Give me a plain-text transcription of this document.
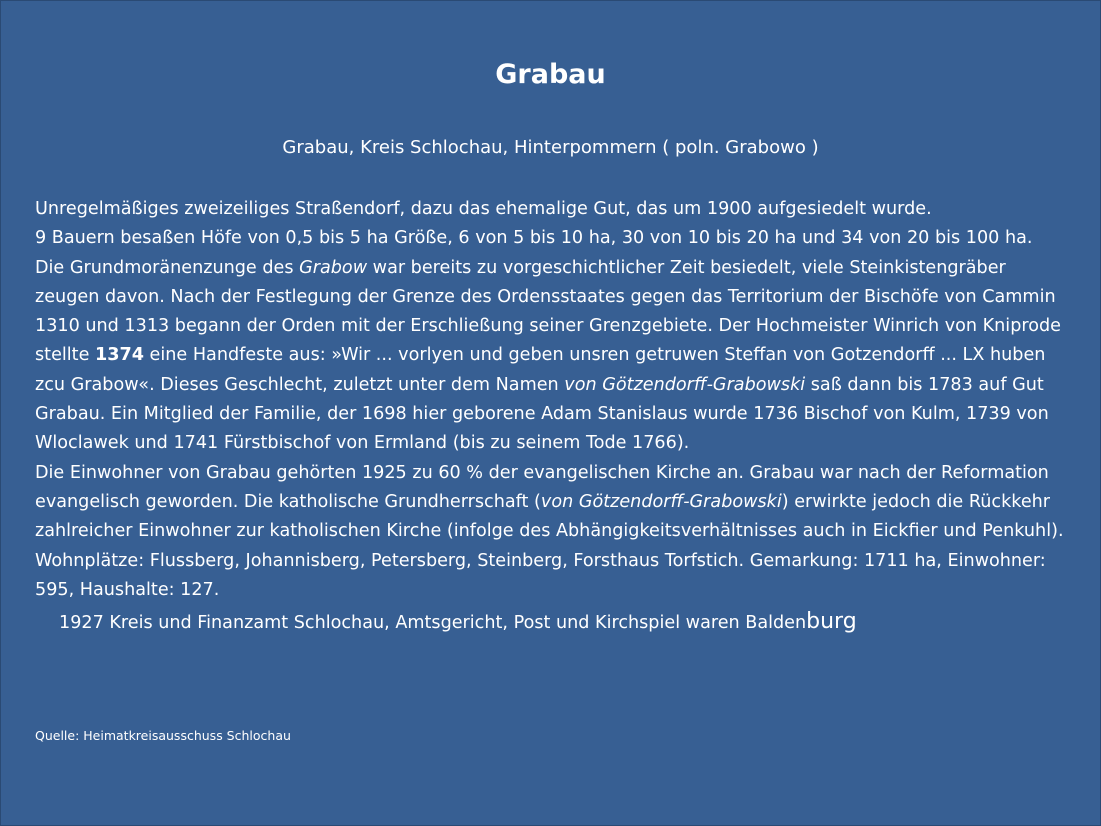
Grabau
Grabau, Kreis Schlochau, Hinterpommern ( poln. Grabowo )

Unregelmäßiges zweizeiliges Straßendorf, dazu das ehemalige Gut, das um 1900 aufgesiedelt wurde.

9 Bauern besaßen Höfe von 0,5 bis 5 ha Größe, 6 von 5 bis 10 ha, 30 von 10 bis 20 ha und 34 von 20 bis 100 ha.

Die Grundmoränenzunge des Grabow war bereits zu vorgeschichtlicher Zeit besiedelt, viele Steinkistengräber zeugen davon. Nach der Festlegung der Grenze des Ordensstaates gegen das Territorium der Bischöfe von Cammin 1310 und 1313 begann der Orden mit der Erschließung seiner Grenzgebiete. Der Hochmeister Winrich von Kniprode stellte 1374 eine Handfeste aus: »Wir ... vorlyen und geben unsren getruwen Steffan von Gotzendorff ... LX huben zcu Grabow«. Dieses Geschlecht, zuletzt unter dem Namen von Götzendorff-Grabowski saß dann bis 1783 auf Gut Grabau. Ein Mitglied der Familie, der 1698 hier geborene Adam Stanislaus wurde 1736 Bischof von Kulm, 1739 von Wloclawek und 1741 Fürstbischof von Ermland (bis zu seinem Tode 1766).

Die Einwohner von Grabau gehörten 1925 zu 60 % der evangelischen Kirche an. Grabau war nach der Reformation evangelisch geworden. Die katholische Grundherrschaft (von Götzendorff-Grabowski) erwirkte jedoch die Rückkehr zahlreicher Einwohner zur katholischen Kirche (infolge des Abhängigkeitsverhältnisses auch in Eickfier und Penkuhl). Wohnplätze: Flussberg, Johannisberg, Petersberg, Steinberg, Forsthaus Torfstich. Gemarkung: 1711 ha, Einwohner: 595, Haushalte: 127.

1927 Kreis und Finanzamt Schlochau, Amtsgericht, Post und Kirchspiel waren Baldenburg

Quelle: Heimatkreisausschuss Schlochau
